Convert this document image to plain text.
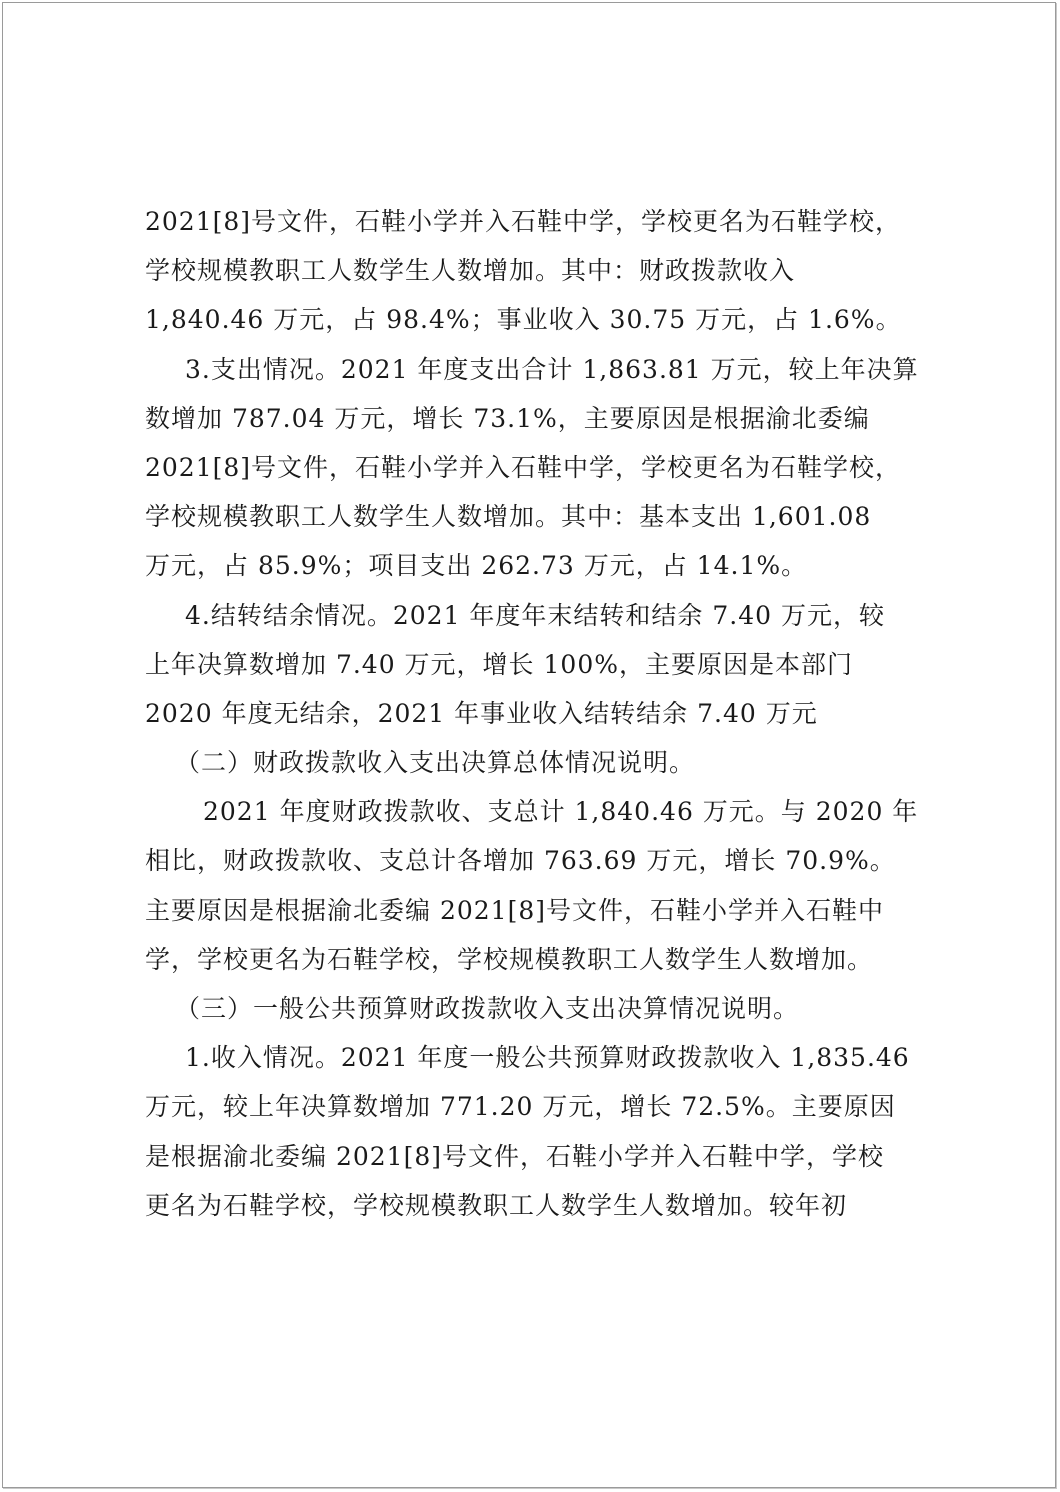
2021[8]号文件，石鞋小学并入石鞋中学，学校更名为石鞋学校，
学校规模教职工人数学生人数增加。其中：财政拨款收入
1,840.46 万元，占 98.4%；事业收入 30.75 万元，占 1.6%。
3.支出情况。2021 年度支出合计 1,863.81 万元，较上年决算
数增加 787.04 万元，增长 73.1%，主要原因是根据渝北委编
2021[8]号文件，石鞋小学并入石鞋中学，学校更名为石鞋学校，
学校规模教职工人数学生人数增加。其中：基本支出 1,601.08
万元，占 85.9%；项目支出 262.73 万元，占 14.1%。
4.结转结余情况。2021 年度年末结转和结余 7.40 万元，较
上年决算数增加 7.40 万元，增长 100%，主要原因是本部门
2020 年度无结余，2021 年事业收入结转结余 7.40 万元
（二）财政拨款收入支出决算总体情况说明。
2021 年度财政拨款收、支总计 1,840.46 万元。与 2020 年
相比，财政拨款收、支总计各增加 763.69 万元，增长 70.9%。
主要原因是根据渝北委编 2021[8]号文件，石鞋小学并入石鞋中
学，学校更名为石鞋学校，学校规模教职工人数学生人数增加。
（三）一般公共预算财政拨款收入支出决算情况说明。
1.收入情况。2021 年度一般公共预算财政拨款收入 1,835.46
万元，较上年决算数增加 771.20 万元，增长 72.5%。主要原因
是根据渝北委编 2021[8]号文件，石鞋小学并入石鞋中学，学校
更名为石鞋学校，学校规模教职工人数学生人数增加。较年初
